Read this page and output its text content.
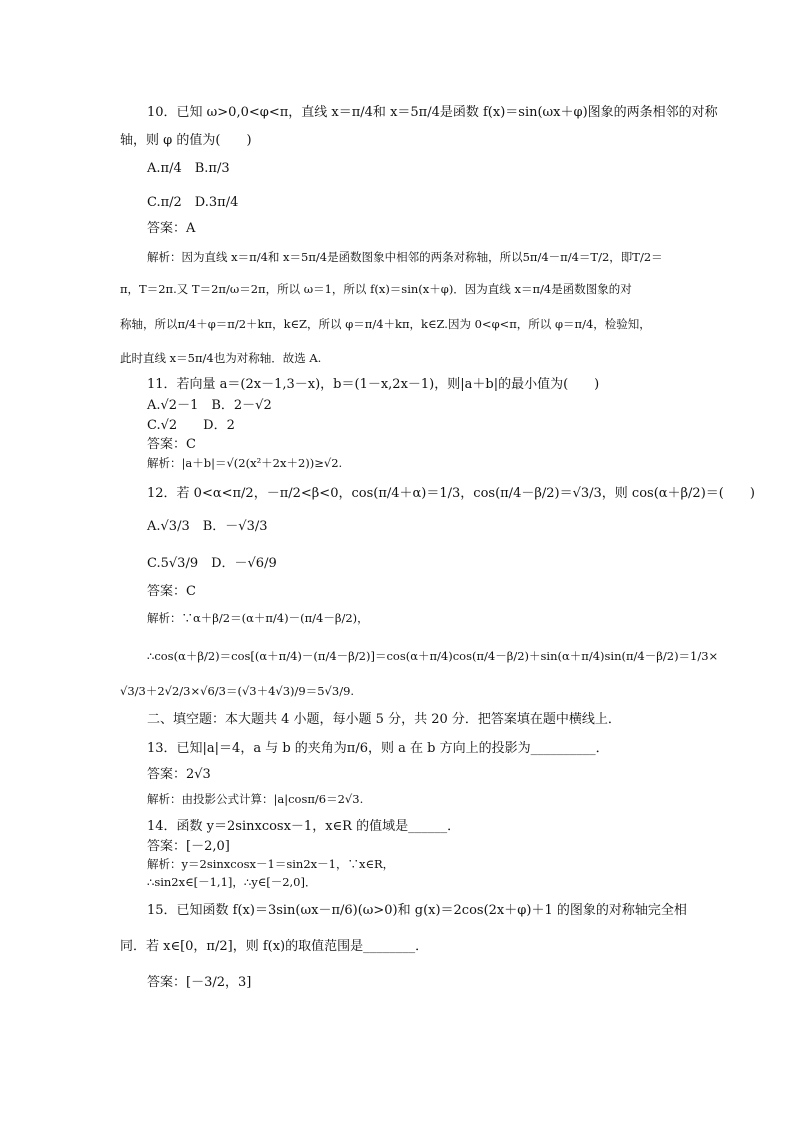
10．已知 ω>0,0<φ<π，直线 x＝π/4和 x＝5π/4是函数 f(x)＝sin(ωx＋φ)图象的两条相邻的对称
轴，则 φ 的值为(　　)
A.π/4　B.π/3
C.π/2　D.3π/4
答案：A
解析：因为直线 x＝π/4和 x＝5π/4是函数图象中相邻的两条对称轴，所以5π/4－π/4＝T/2，即T/2＝
π，T＝2π.又 T＝2π/ω＝2π，所以 ω＝1，所以 f(x)＝sin(x＋φ)．因为直线 x＝π/4是函数图象的对
称轴，所以π/4＋φ＝π/2＋kπ，k∈Z，所以 φ＝π/4＋kπ，k∈Z.因为 0<φ<π，所以 φ＝π/4，检验知，
此时直线 x＝5π/4也为对称轴．故选 A.
11．若向量 a＝(2x－1,3－x)，b＝(1－x,2x－1)，则|a＋b|的最小值为(　　)
A.√2－1　B．2－√2
C.√2　　D．2
答案：C
解析：|a＋b|＝√(2(x²＋2x＋2))≥√2.
12．若 0<α<π/2，－π/2<β<0，cos(π/4＋α)＝1/3，cos(π/4－β/2)＝√3/3，则 cos(α＋β/2)＝(　　)
A.√3/3　B．－√3/3
C.5√3/9　D．－√6/9
答案：C
解析：∵α＋β/2＝(α＋π/4)－(π/4－β/2)，
∴cos(α＋β/2)＝cos[(α＋π/4)－(π/4－β/2)]＝cos(α＋π/4)cos(π/4－β/2)＋sin(α＋π/4)sin(π/4－β/2)＝1/3×
√3/3＋2√2/3×√6/3＝(√3＋4√3)/9＝5√3/9.
二、填空题：本大题共 4 小题，每小题 5 分，共 20 分．把答案填在题中横线上．
13．已知|a|＝4，a 与 b 的夹角为π/6，则 a 在 b 方向上的投影为__________．
答案：2√3
解析：由投影公式计算：|a|cosπ/6＝2√3.
14．函数 y＝2sinxcosx－1，x∈R 的值域是______．
答案：[－2,0]
解析：y＝2sinxcosx－1＝sin2x－1，∵x∈R，
∴sin2x∈[－1,1]，∴y∈[－2,0]．
15．已知函数 f(x)＝3sin(ωx－π/6)(ω>0)和 g(x)＝2cos(2x＋φ)＋1 的图象的对称轴完全相
同．若 x∈[0，π/2]，则 f(x)的取值范围是________．
答案：[－3/2，3]
